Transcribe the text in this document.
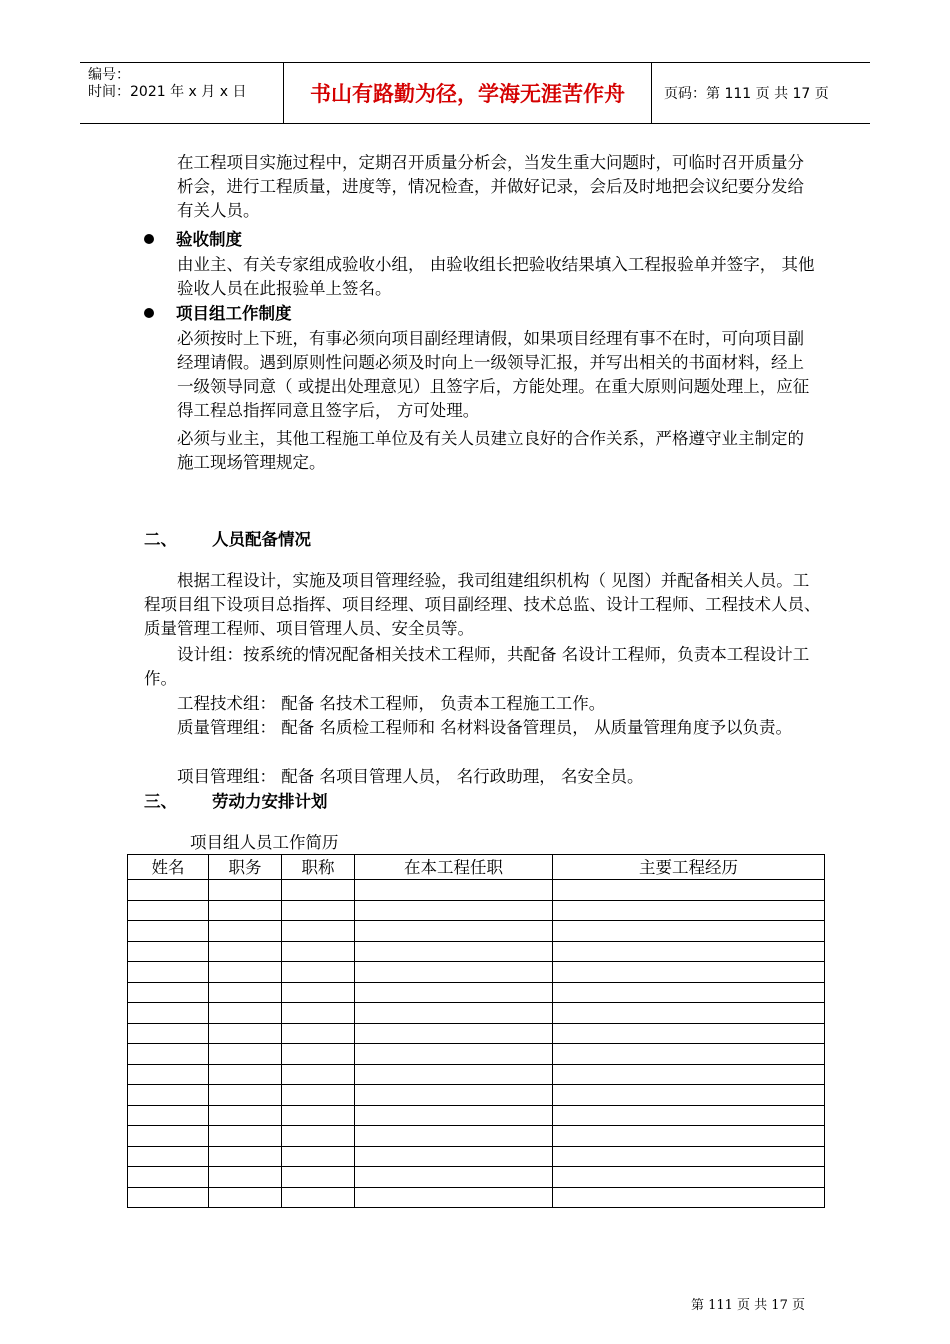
编号：
时间：2021 年 x 月 x 日	书山有路勤为径，学海无涯苦作舟	页码：第 111 页 共 17 页

在工程项目实施过程中，定期召开质量分析会，当发生重大问题时，可临时召开质量分析会，进行工程质量，进度等，情况检查，并做好记录，会后及时地把会议纪要分发给有关人员。

验收制度

由业主、有关专家组成验收小组， 由验收组长把验收结果填入工程报验单并签字， 其他验收人员在此报验单上签名。

项目组工作制度

必须按时上下班，有事必须向项目副经理请假，如果项目经理有事不在时，可向项目副经理请假。遇到原则性问题必须及时向上一级领导汇报，并写出相关的书面材料，经上一级领导同意（ 或提出处理意见）且签字后，方能处理。在重大原则问题处理上，应征得工程总指挥同意且签字后， 方可处理。

必须与业主，其他工程施工单位及有关人员建立良好的合作关系，严格遵守业主制定的施工现场管理规定。

二、 人员配备情况

根据工程设计，实施及项目管理经验，我司组建组织机构（ 见图）并配备相关人员。工程项目组下设项目总指挥、项目经理、项目副经理、技术总监、设计工程师、工程技术人员、质量管理工程师、项目管理人员、安全员等。

设计组：按系统的情况配备相关技术工程师，共配备 名设计工程师，负责本工程设计工作。

工程技术组： 配备 名技术工程师， 负责本工程施工工作。

质量管理组： 配备 名质检工程师和 名材料设备管理员， 从质量管理角度予以负责。

项目管理组： 配备 名项目管理人员， 名行政助理， 名安全员。

三、 劳动力安排计划
项目组人员工作简历
姓名	职务	职称	在本工程任职	主要工程经历

第 111 页 共 17 页
